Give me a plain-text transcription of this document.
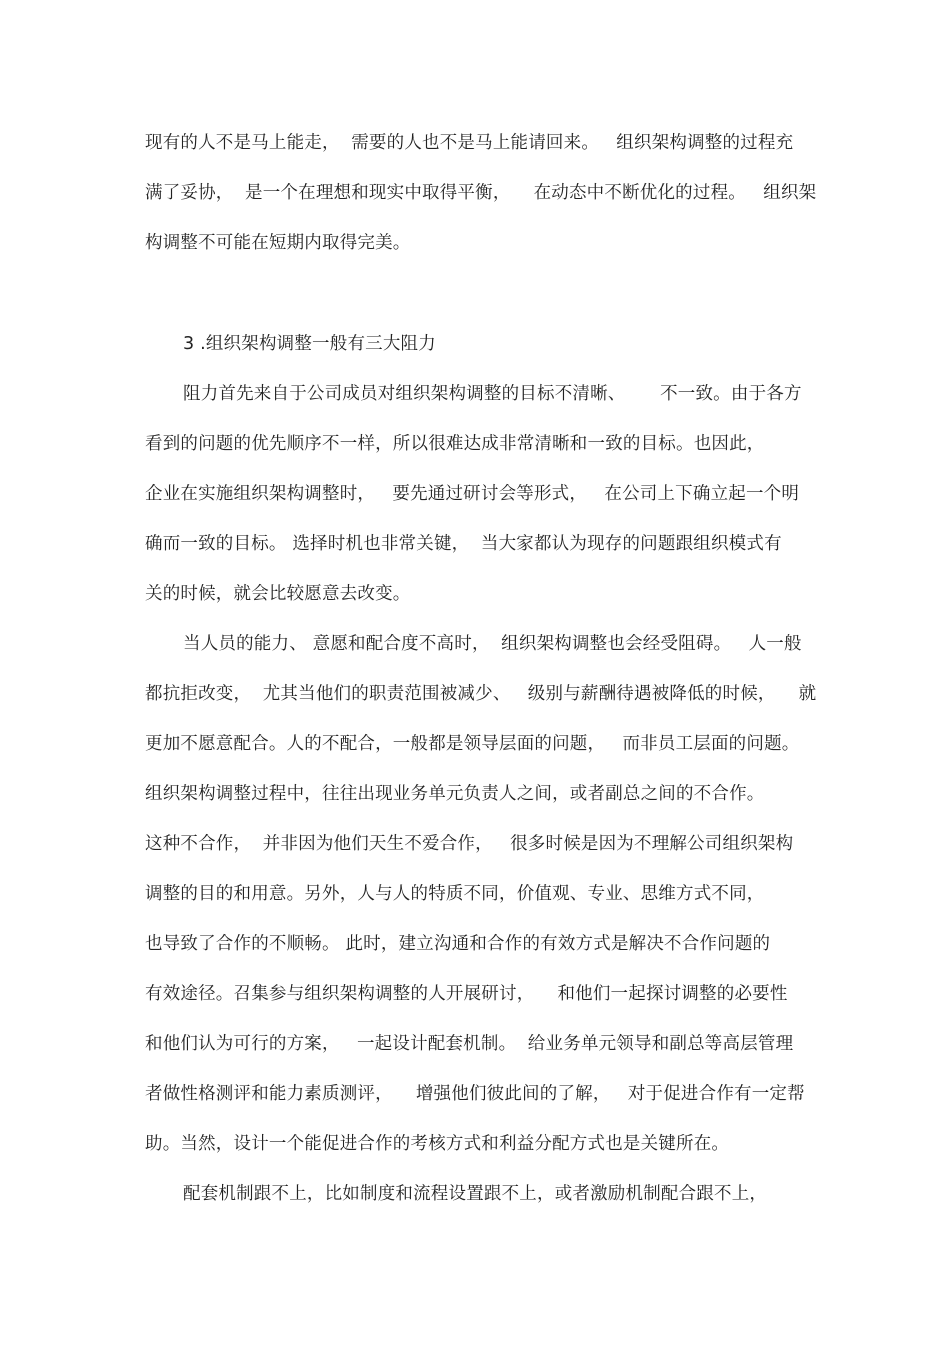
现有的人不是马上能走，  需要的人也不是马上能请回来。   组织架构调整的过程充
满了妥协，  是一个在理想和现实中取得平衡，    在动态中不断优化的过程。   组织架
构调整不可能在短期内取得完美。
3 .组织架构调整一般有三大阻力
阻力首先来自于公司成员对组织架构调整的目标不清晰、      不一致。由于各方
看到的问题的优先顺序不一样，所以很难达成非常清晰和一致的目标。也因此，
企业在实施组织架构调整时，   要先通过研讨会等形式，   在公司上下确立起一个明
确而一致的目标。 选择时机也非常关键，  当大家都认为现存的问题跟组织模式有
关的时候，就会比较愿意去改变。
当人员的能力、 意愿和配合度不高时，  组织架构调整也会经受阻碍。   人一般
都抗拒改变，  尤其当他们的职责范围被减少、   级别与薪酬待遇被降低的时候，    就
更加不愿意配合。人的不配合，一般都是领导层面的问题，   而非员工层面的问题。
组织架构调整过程中，往往出现业务单元负责人之间，或者副总之间的不合作。
这种不合作，  并非因为他们天生不爱合作，   很多时候是因为不理解公司组织架构
调整的目的和用意。另外，人与人的特质不同，价值观、专业、思维方式不同，
也导致了合作的不顺畅。 此时，建立沟通和合作的有效方式是解决不合作问题的
有效途径。召集参与组织架构调整的人开展研讨，    和他们一起探讨调整的必要性
和他们认为可行的方案，   一起设计配套机制。  给业务单元领导和副总等高层管理
者做性格测评和能力素质测评，    增强他们彼此间的了解，   对于促进合作有一定帮
助。当然，设计一个能促进合作的考核方式和利益分配方式也是关键所在。
配套机制跟不上，比如制度和流程设置跟不上，或者激励机制配合跟不上，
